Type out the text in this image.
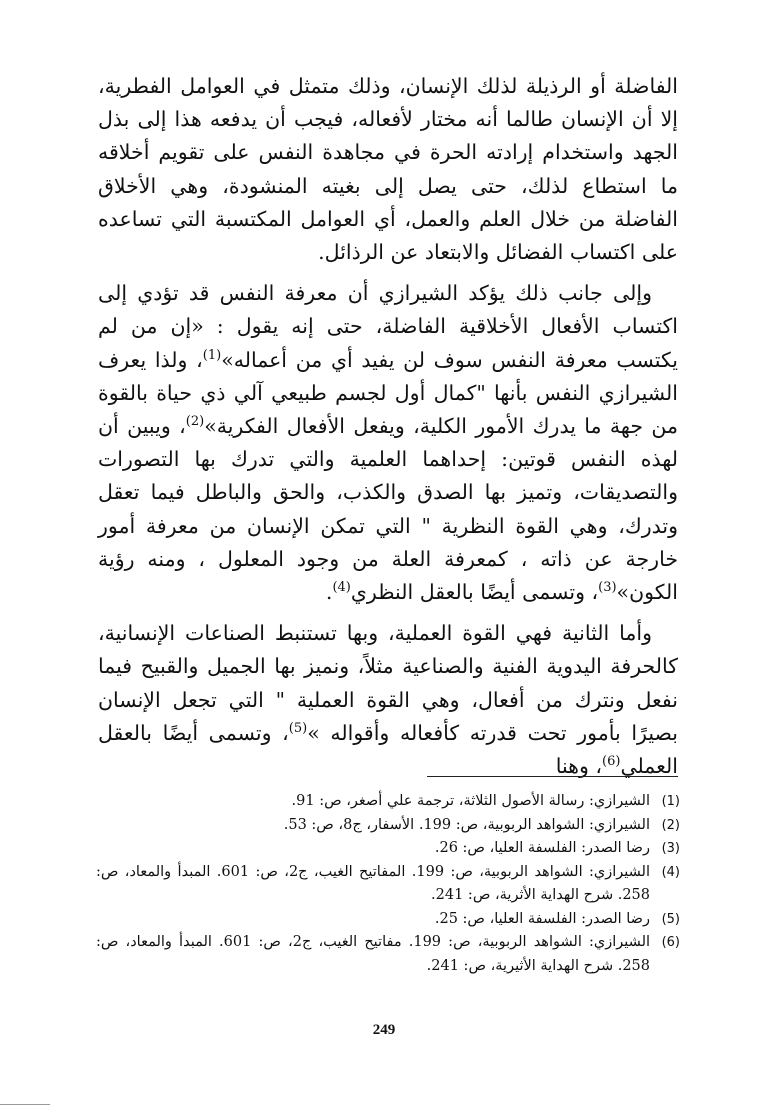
الفاضلة أو الرذيلة لذلك الإنسان، وذلك متمثل في العوامل الفطرية، إلا أن الإنسان طالما أنه مختار لأفعاله، فيجب أن يدفعه هذا إلى بذل الجهد واستخدام إرادته الحرة في مجاهدة النفس على تقويم أخلاقه ما استطاع لذلك، حتى يصل إلى بغيته المنشودة، وهي الأخلاق الفاضلة من خلال العلم والعمل، أي العوامل المكتسبة التي تساعده على اكتساب الفضائل والابتعاد عن الرذائل.

وإلى جانب ذلك يؤكد الشيرازي أن معرفة النفس قد تؤدي إلى اكتساب الأفعال الأخلاقية الفاضلة، حتى إنه يقول : «إن من لم يكتسب معرفة النفس سوف لن يفيد أي من أعماله»$^{(1)}$، ولذا يعرف الشيرازي النفس بأنها "كمال أول لجسم طبيعي آلي ذي حياة بالقوة من جهة ما يدرك الأمور الكلية، ويفعل الأفعال الفكرية»$^{(2)}$، ويبين أن لهذه النفس قوتين: إحداهما العلمية والتي تدرك بها التصورات والتصديقات، وتميز بها الصدق والكذب، والحق والباطل فيما تعقل وتدرك، وهي القوة النظرية " التي تمكن الإنسان من معرفة أمور خارجة عن ذاته ، كمعرفة العلة من وجود المعلول ، ومنه رؤية الكون»$^{(3)}$، وتسمى أيضًا بالعقل النظري$^{(4)}$.

وأما الثانية فهي القوة العملية، وبها تستنبط الصناعات الإنسانية، كالحرفة اليدوية الفنية والصناعية مثلاً، ونميز بها الجميل والقبيح فيما نفعل ونترك من أفعال، وهي القوة العملية " التي تجعل الإنسان بصيرًا بأمور تحت قدرته كأفعاله وأقواله »$^{(5)}$، وتسمى أيضًا بالعقل العملي$^{(6)}$، وهنا

(1)
الشيرازي: رسالة الأصول الثلاثة، ترجمة علي أصغر، ص: 91.
(2)
الشيرازي: الشواهد الربوبية، ص: 199. الأسفار، ج8، ص: 53.
(3)
رضا الصدر: الفلسفة العليا، ص: 26.
(4)
الشيرازي: الشواهد الربوبية، ص: 199. المفاتيح الغيب، ج2، ص: 601. المبدأ والمعاد، ص: 258. شرح الهداية الأثرية، ص: 241.
(5)
رضا الصدر: الفلسفة العليا، ص: 25.
(6)
الشيرازي: الشواهد الربوبية، ص: 199. مفاتيح الغيب، ج2، ص: 601. المبدأ والمعاد، ص: 258. شرح الهداية الأثيرية، ص: 241.
249
